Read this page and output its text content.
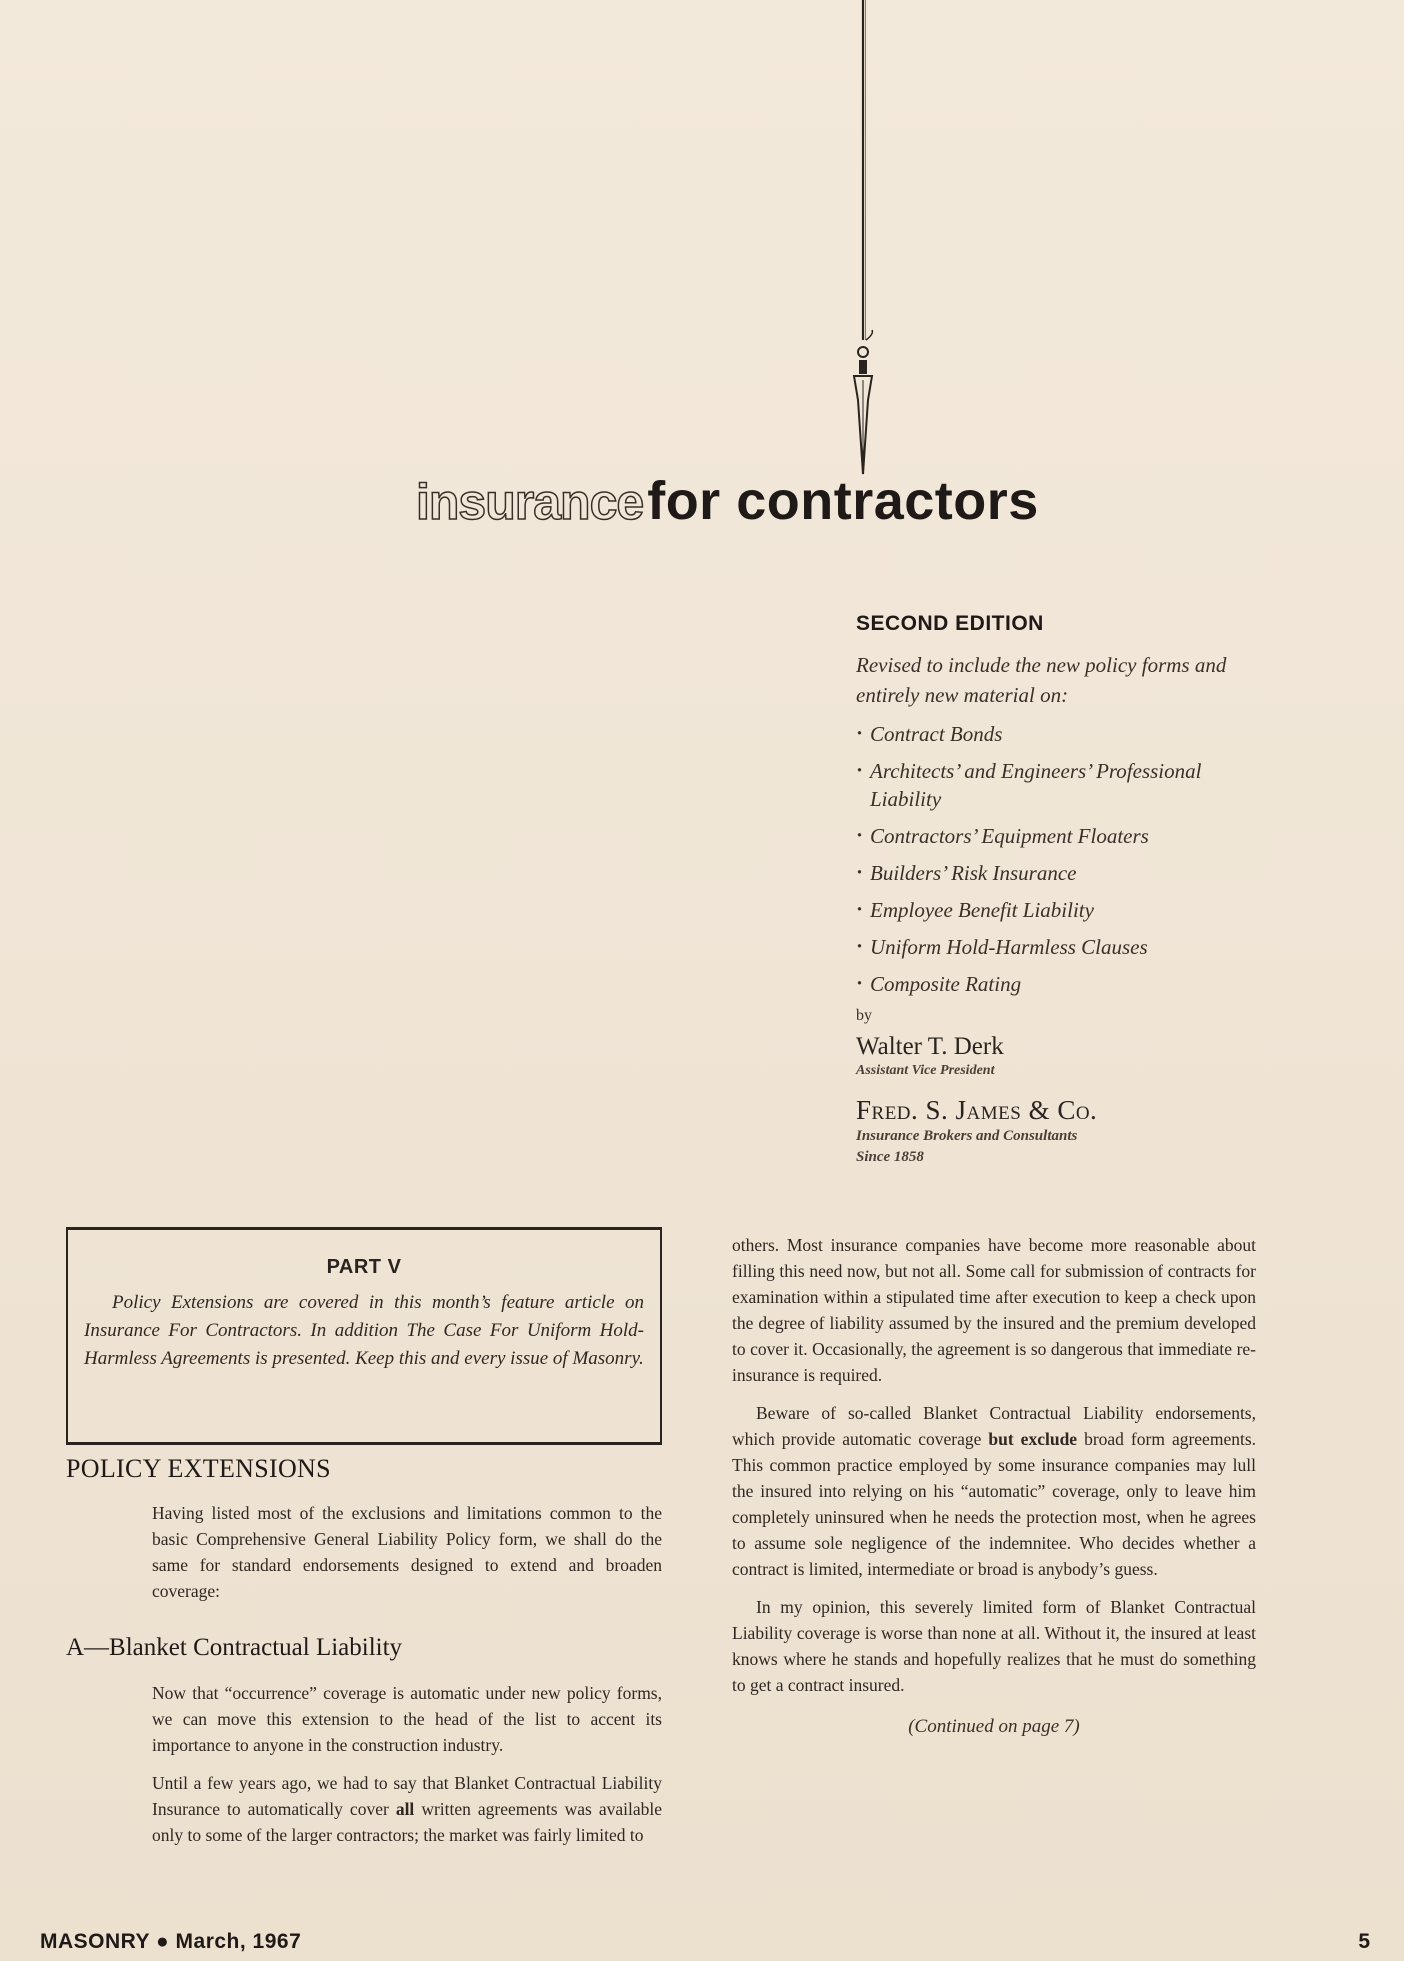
insurance for contractors
SECOND EDITION
Revised to include the new policy forms and entirely new material on:
· Contract Bonds
· Architects’ and Engineers’ Professional Liability
· Contractors’ Equipment Floaters
· Builders’ Risk Insurance
· Employee Benefit Liability
· Uniform Hold-Harmless Clauses
· Composite Rating
by
Walter T. Derk
Assistant Vice President
Fred. S. James & Co.
Insurance Brokers and Consultants
Since 1858
PART V
Policy Extensions are covered in this month’s feature article on Insurance For Contractors. In addition The Case For Uniform Hold-Harmless Agreements is presented. Keep this and every issue of Masonry.
POLICY EXTENSIONS

Having listed most of the exclusions and limitations common to the basic Comprehensive General Liability Policy form, we shall do the same for standard endorsements designed to extend and broaden coverage:

A—Blanket Contractual Liability

Now that “occurrence” coverage is automatic under new policy forms, we can move this extension to the head of the list to accent its importance to anyone in the construction industry.

Until a few years ago, we had to say that Blanket Contractual Liability Insurance to automatically cover all written agreements was available only to some of the larger contractors; the market was fairly limited to

others. Most insurance companies have become more reasonable about filling this need now, but not all. Some call for submission of contracts for examination within a stipulated time after execution to keep a check upon the degree of liability assumed by the insured and the premium developed to cover it. Occasionally, the agreement is so dangerous that immediate re-insurance is required.

Beware of so-called Blanket Contractual Liability endorsements, which provide automatic coverage but exclude broad form agreements. This common practice employed by some insurance companies may lull the insured into relying on his “automatic” coverage, only to leave him completely uninsured when he needs the protection most, when he agrees to assume sole negligence of the indemnitee. Who decides whether a contract is limited, intermediate or broad is anybody’s guess.

In my opinion, this severely limited form of Blanket Contractual Liability coverage is worse than none at all. Without it, the insured at least knows where he stands and hopefully realizes that he must do something to get a contract insured.

(Continued on page 7)
MASONRY ● March, 1967	5
